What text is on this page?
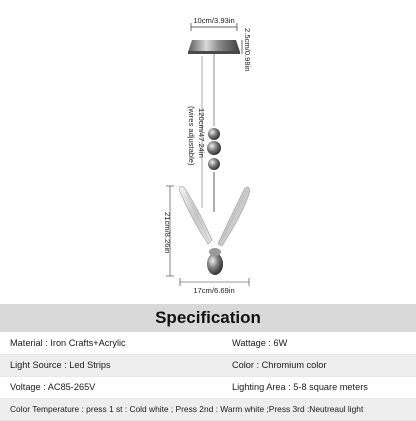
10cm/3.93in
2.5cm/0.98in
120cm/47.24in
(wires adjustable)
21cm/8.26in
17cm/6.69in
Specification
Material : Iron Crafts+Acrylic	Wattage : 6W
Light Source : Led Strips	Color : Chromium color
Voltage : AC85-265V	Lighting Area : 5-8 square meters
Color Temperature : press 1 st : Cold white ; Press 2nd : Warm white ;Press 3rd :Neutreaul light
